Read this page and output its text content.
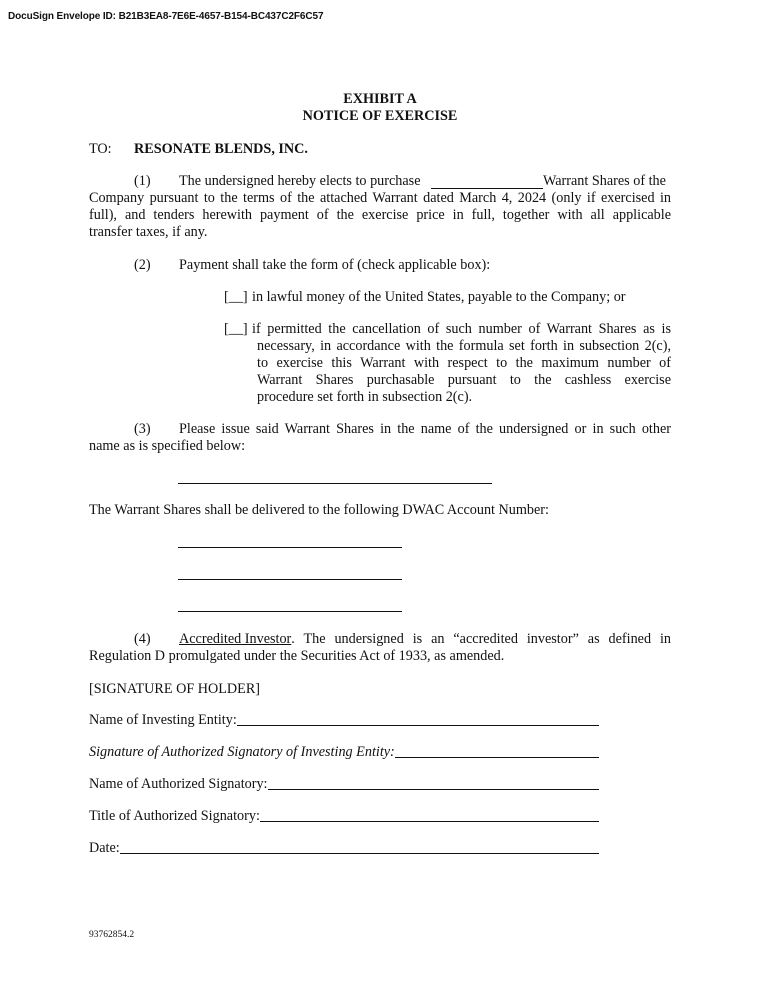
DocuSign Envelope ID: B21B3EA8-7E6E-4657-B154-BC437C2F6C57
EXHIBIT A
NOTICE OF EXERCISE
TO: RESONATE BLENDS, INC.
(1) The undersigned hereby elects to purchase	Warrant Shares of the
Company pursuant to the terms of the attached Warrant dated March 4, 2024 (only if exercised in
full), and tenders herewith payment of the exercise price in full, together with all applicable
transfer taxes, if any.
(2) Payment shall take the form of (check applicable box):
[__] in lawful money of the United States, payable to the Company; or
[__] if permitted the cancellation of such number of Warrant Shares as is
necessary, in accordance with the formula set forth in subsection 2(c),
to exercise this Warrant with respect to the maximum number of
Warrant Shares purchasable pursuant to the cashless exercise
procedure set forth in subsection 2(c).
(3) Please issue said Warrant Shares in the name of the undersigned or in such other
name as is specified below:
The Warrant Shares shall be delivered to the following DWAC Account Number:
(4) Accredited Investor . The undersigned is an “accredited investor” as defined in
Regulation D promulgated under the Securities Act of 1933, as amended.
[SIGNATURE OF HOLDER]
Name of Investing Entity:
Signature of Authorized Signatory of Investing Entity:
Name of Authorized Signatory:
Title of Authorized Signatory:
Date:
93762854.2
